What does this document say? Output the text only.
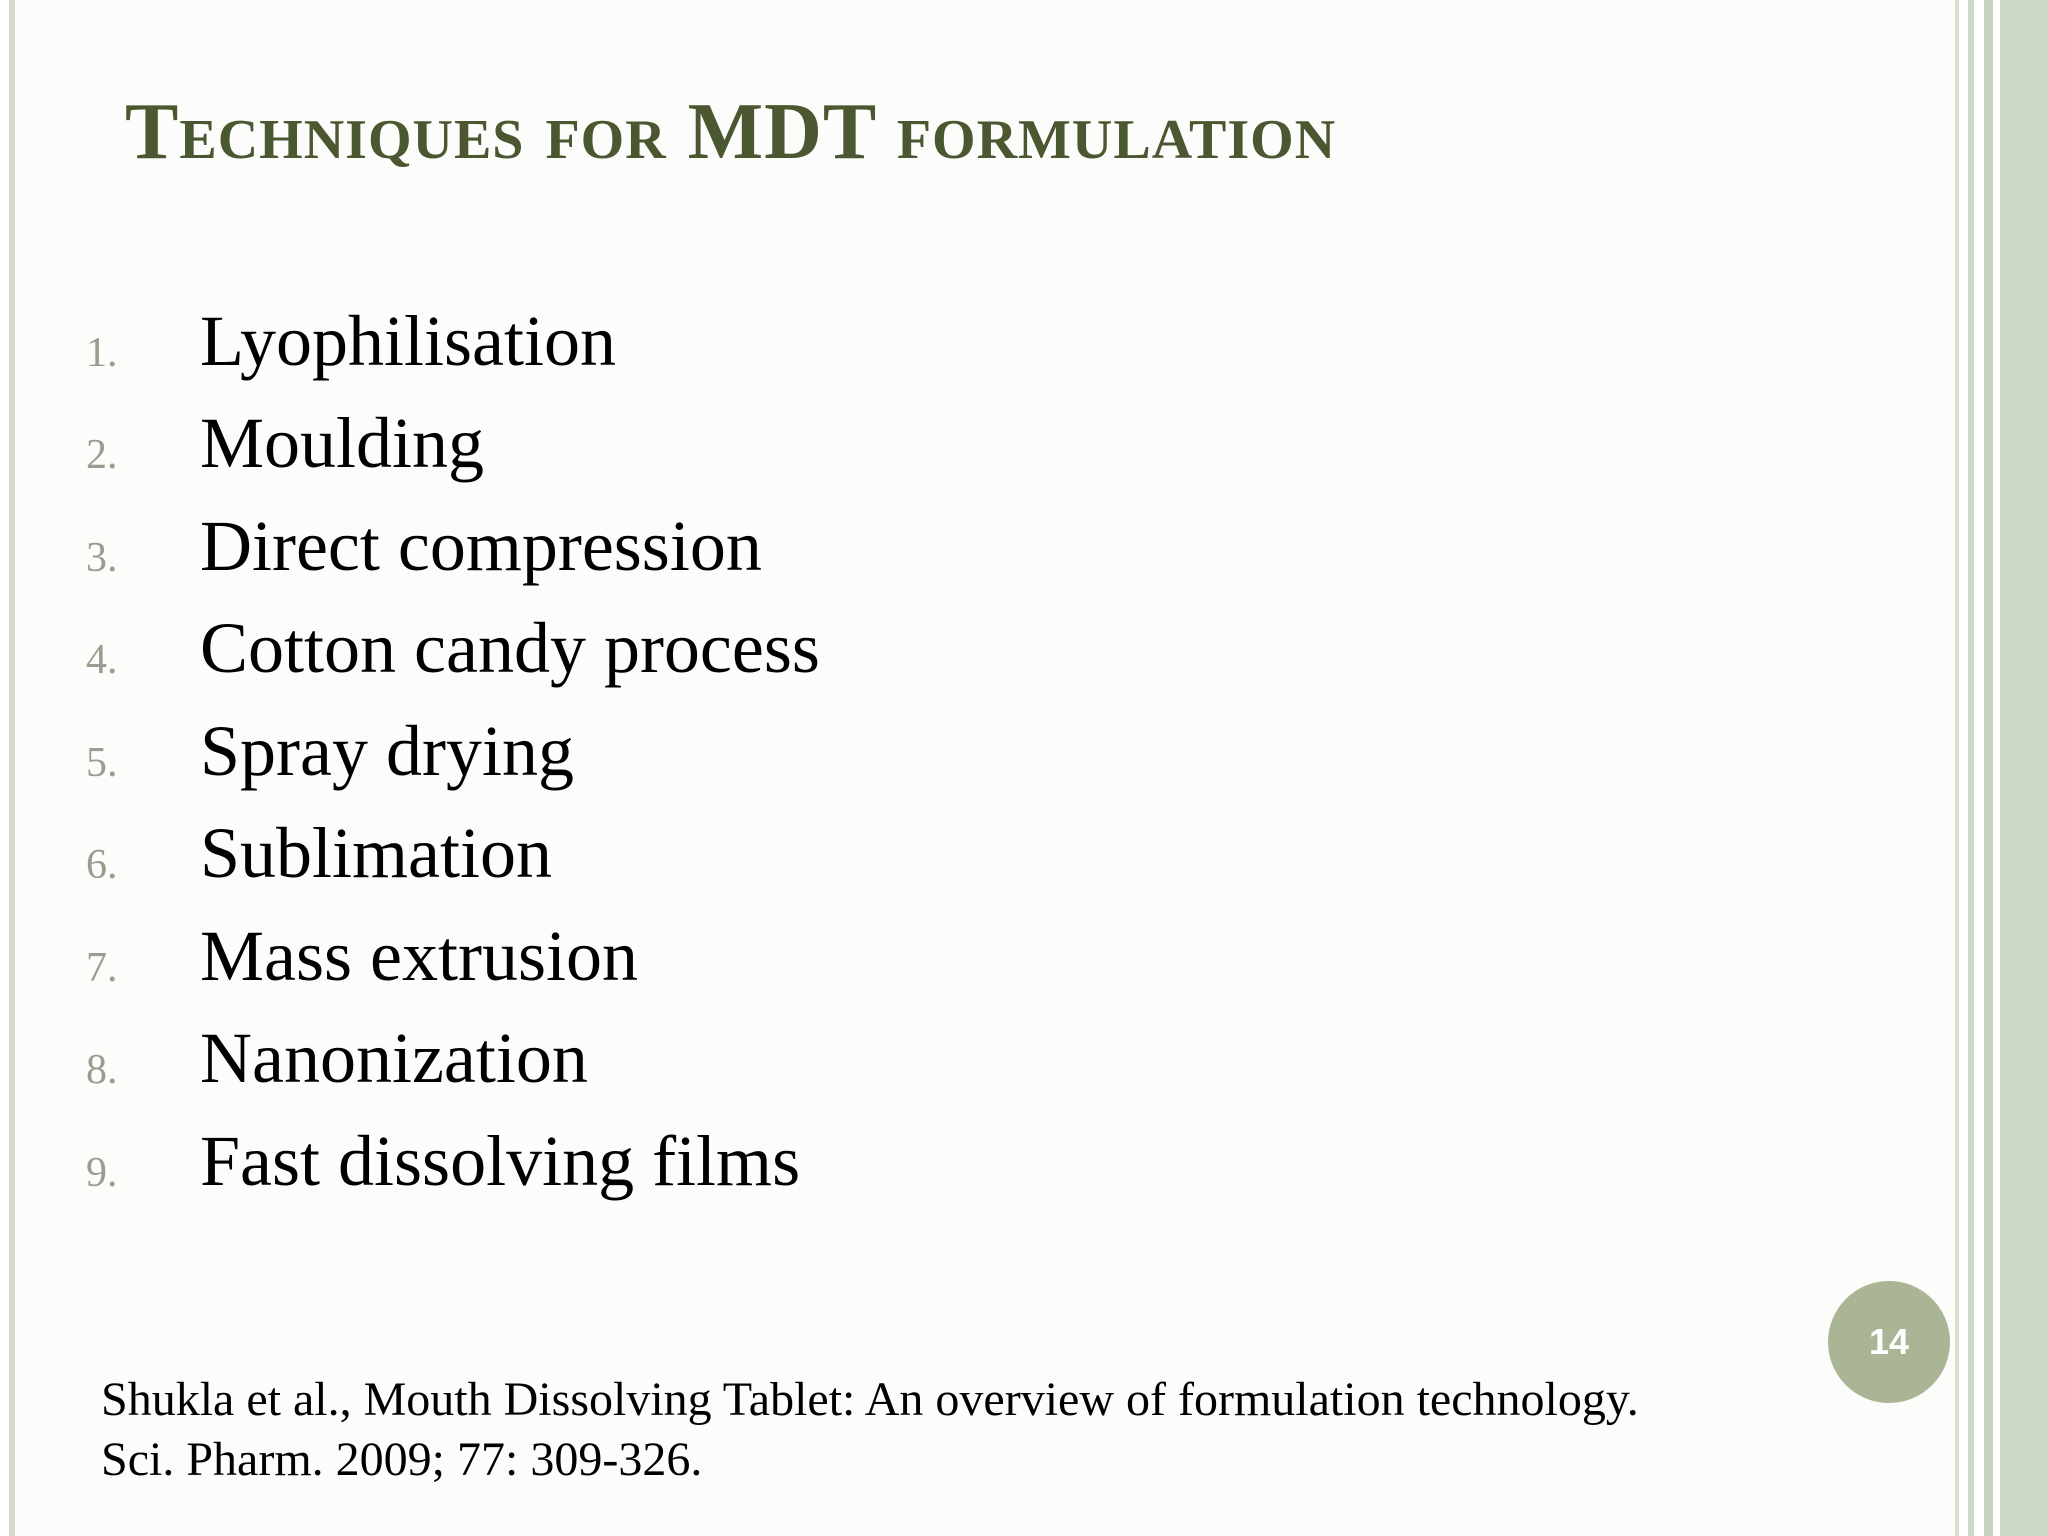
Techniques for MDT formulation
1. Lyophilisation
2. Moulding
3. Direct compression
4. Cotton candy process
5. Spray drying
6. Sublimation
7. Mass extrusion
8. Nanonization
9. Fast dissolving films
14

Shukla et al., Mouth Dissolving Tablet: An overview of formulation technology.
Sci. Pharm. 2009; 77: 309-326.
